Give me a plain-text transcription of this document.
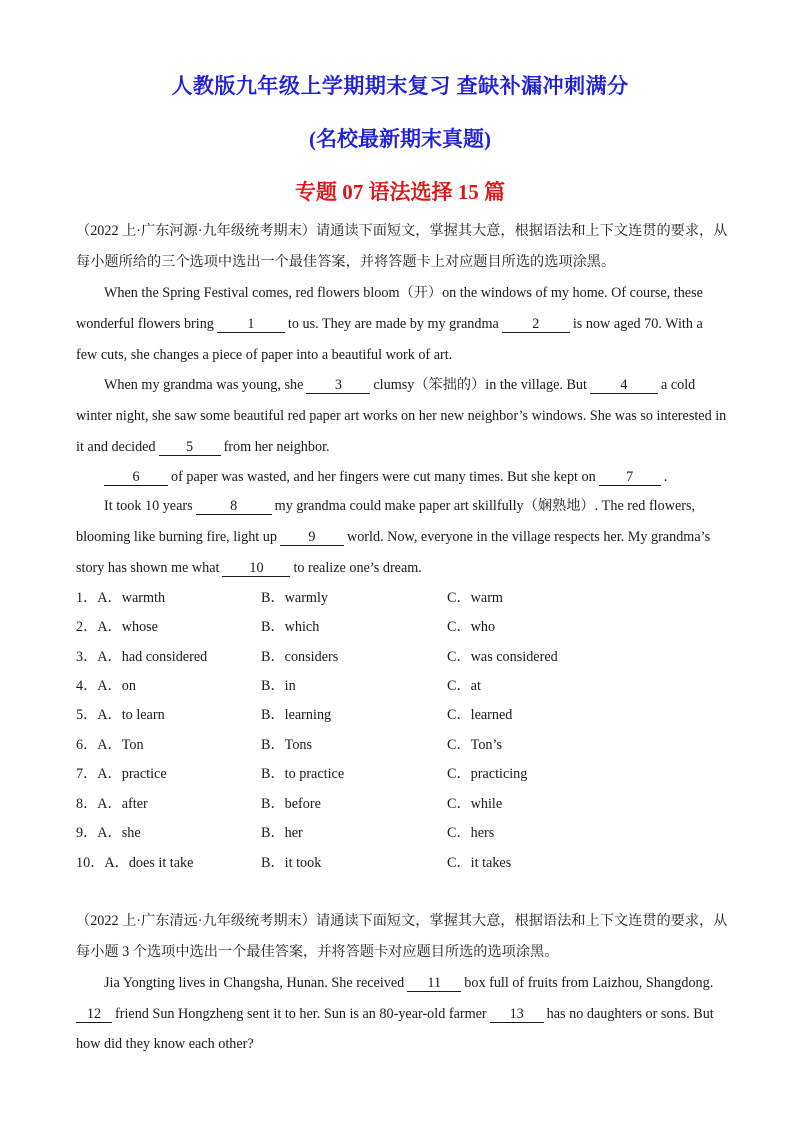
人教版九年级上学期期末复习 查缺补漏冲刺满分
(名校最新期末真题)
专题 07 语法选择 15 篇
（2022 上·广东河源·九年级统考期末）请通读下面短文，掌握其大意，根据语法和上下文连贯的要求，从
每小题所给的三个选项中选出一个最佳答案，并将答题卡上对应题目所选的选项涂黑。
When the Spring Festival comes, red flowers bloom（开）on the windows of my home. Of course, these
wonderful flowers bring 1 to us. They are made by my grandma 2 is now aged 70. With a
few cuts, she changes a piece of paper into a beautiful work of art.
When my grandma was young, she 3 clumsy（笨拙的）in the village. But 4 a cold
winter night, she saw some beautiful red paper art works on her new neighbor’s windows. She was so interested in
it and decided 5 from her neighbor.
6 of paper was wasted, and her fingers were cut many times. But she kept on 7 .
It took 10 years	8	my grandma could make paper art skillfully（娴熟地）. The red flowers,
blooming like burning fire, light up 9 world. Now, everyone in the village respects her. My grandma’s
story has shown me what 10 to realize one’s dream.
1．A．warmth	B．warmly	C．warm
2．A．whose	B．which	C．who
3．A．had considered	B．considers	C．was considered
4．A．on	B．in	C．at
5．A．to learn	B．learning	C．learned
6．A．Ton	B．Tons	C．Ton’s
7．A．practice	B．to practice	C．practicing
8．A．after	B．before	C．while
9．A．she	B．her	C．hers
10．A．does it take	B．it took	C．it takes
（2022 上·广东清远·九年级统考期末）请通读下面短文，掌握其大意，根据语法和上下文连贯的要求，从
每小题 3 个选项中选出一个最佳答案，并将答题卡对应题目所选的选项涂黑。
Jia Yongting lives in Changsha, Hunan. She received 11 box full of fruits from Laizhou, Shangdong.
12 friend Sun Hongzheng sent it to her. Sun is an 80-year-old farmer 13 has no daughters or sons. But
how did they know each other?
